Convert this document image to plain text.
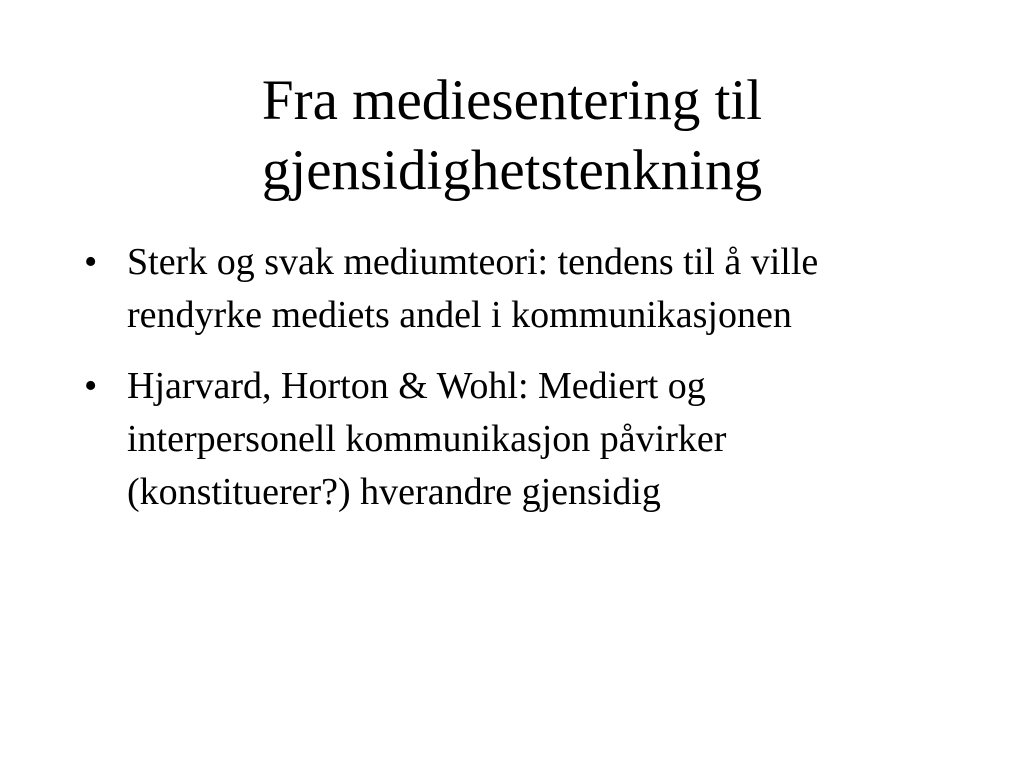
Fra mediesentering til
gjensidighetstenkning
• Sterk og svak mediumteori: tendens til å ville rendyrke mediets andel i kommunikasjonen
• Hjarvard, Horton & Wohl: Mediert og interpersonell kommunikasjon påvirker (konstituerer?) hverandre gjensidig
